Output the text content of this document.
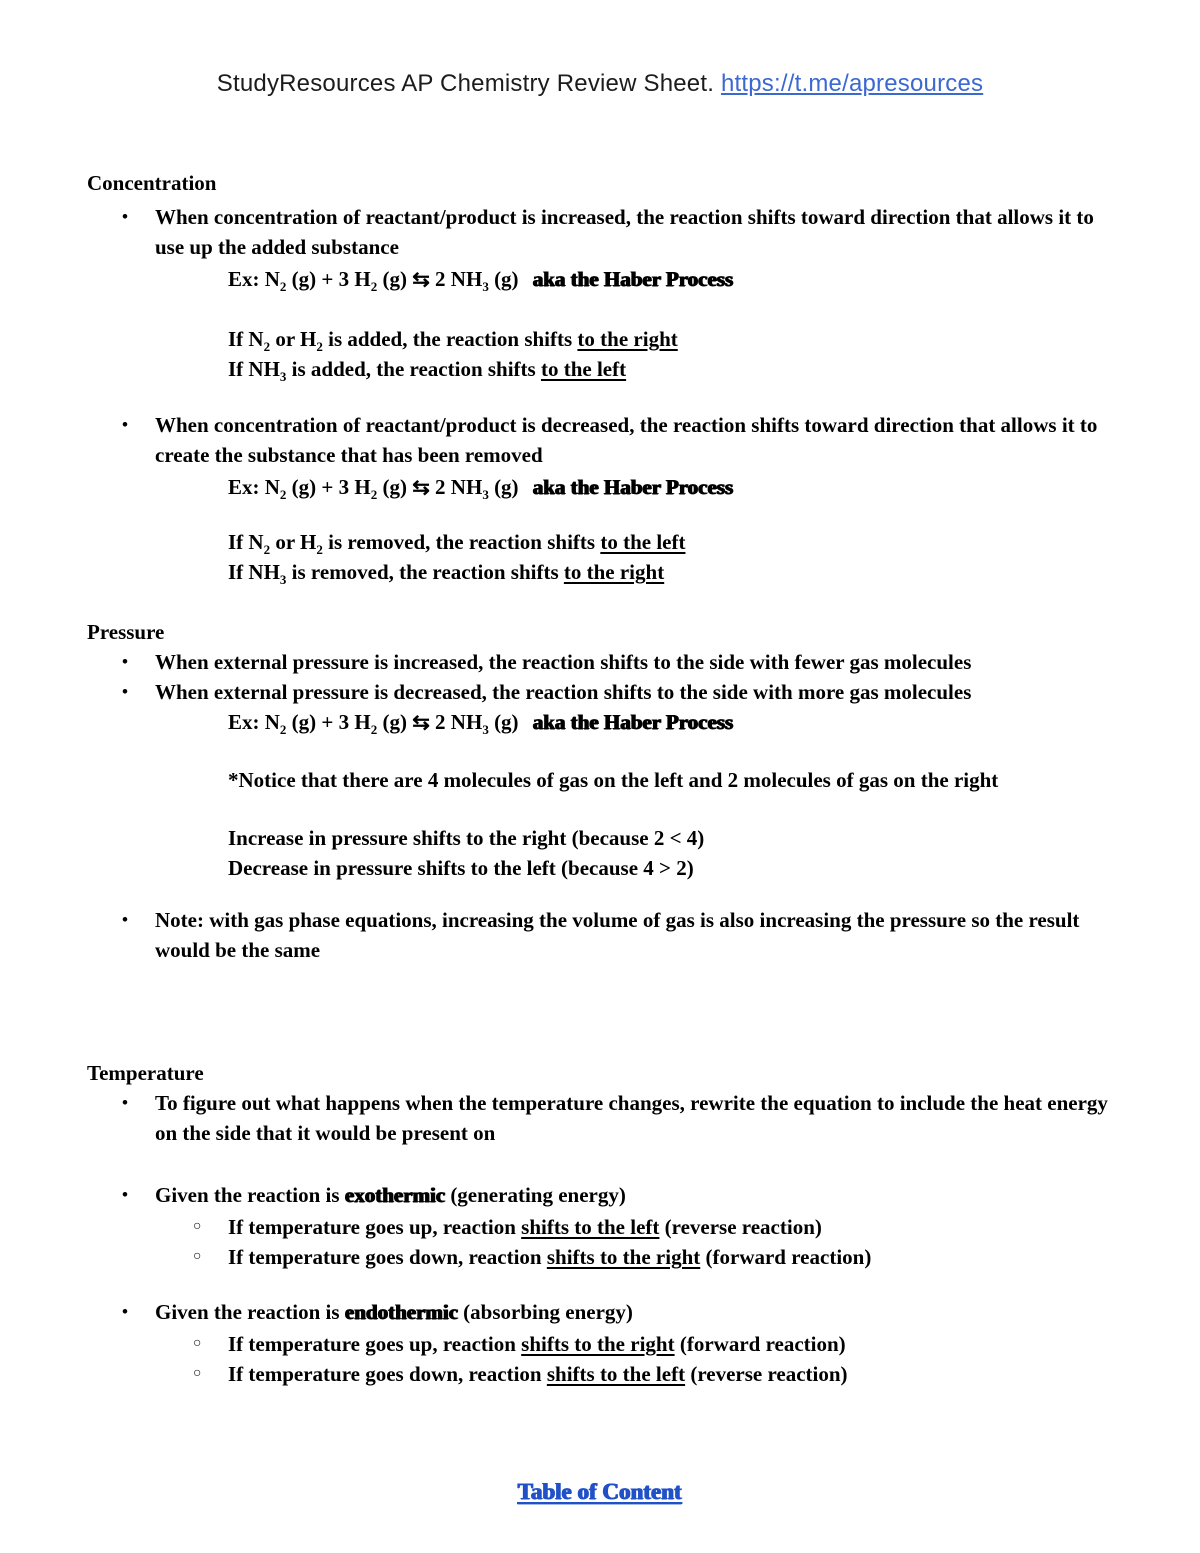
StudyResources AP Chemistry Review Sheet. https://t.me/apresources
Concentration
•	When concentration of reactant/product is increased, the reaction shifts toward direction that allows it to use up the added substance
Ex: $N_2$ (g) + 3 $H_2$ (g) ⇆ 2 $NH_3$ (g) aka the Haber Process
If $N_2$ or $H_2$ is added, the reaction shifts to the right
If $NH_3$ is added, the reaction shifts to the left
•	When concentration of reactant/product is decreased, the reaction shifts toward direction that allows it to create the substance that has been removed
Ex: $N_2$ (g) + 3 $H_2$ (g) ⇆ 2 $NH_3$ (g) aka the Haber Process
If $N_2$ or $H_2$ is removed, the reaction shifts to the left
If $NH_3$ is removed, the reaction shifts to the right
Pressure
•	When external pressure is increased, the reaction shifts to the side with fewer gas molecules
•	When external pressure is decreased, the reaction shifts to the side with more gas molecules
Ex: $N_2$ (g) + 3 $H_2$ (g) ⇆ 2 $NH_3$ (g) aka the Haber Process
*Notice that there are 4 molecules of gas on the left and 2 molecules of gas on the right
Increase in pressure shifts to the right (because 2 < 4)
Decrease in pressure shifts to the left (because 4 > 2)
•	Note: with gas phase equations, increasing the volume of gas is also increasing the pressure so the result would be the same
Temperature
•	To figure out what happens when the temperature changes, rewrite the equation to include the heat energy on the side that it would be present on
•	Given the reaction is exothermic (generating energy)
○	If temperature goes up, reaction shifts to the left (reverse reaction)
○	If temperature goes down, reaction shifts to the right (forward reaction)
•	Given the reaction is endothermic (absorbing energy)
○	If temperature goes up, reaction shifts to the right (forward reaction)
○	If temperature goes down, reaction shifts to the left (reverse reaction)
Table of Content
